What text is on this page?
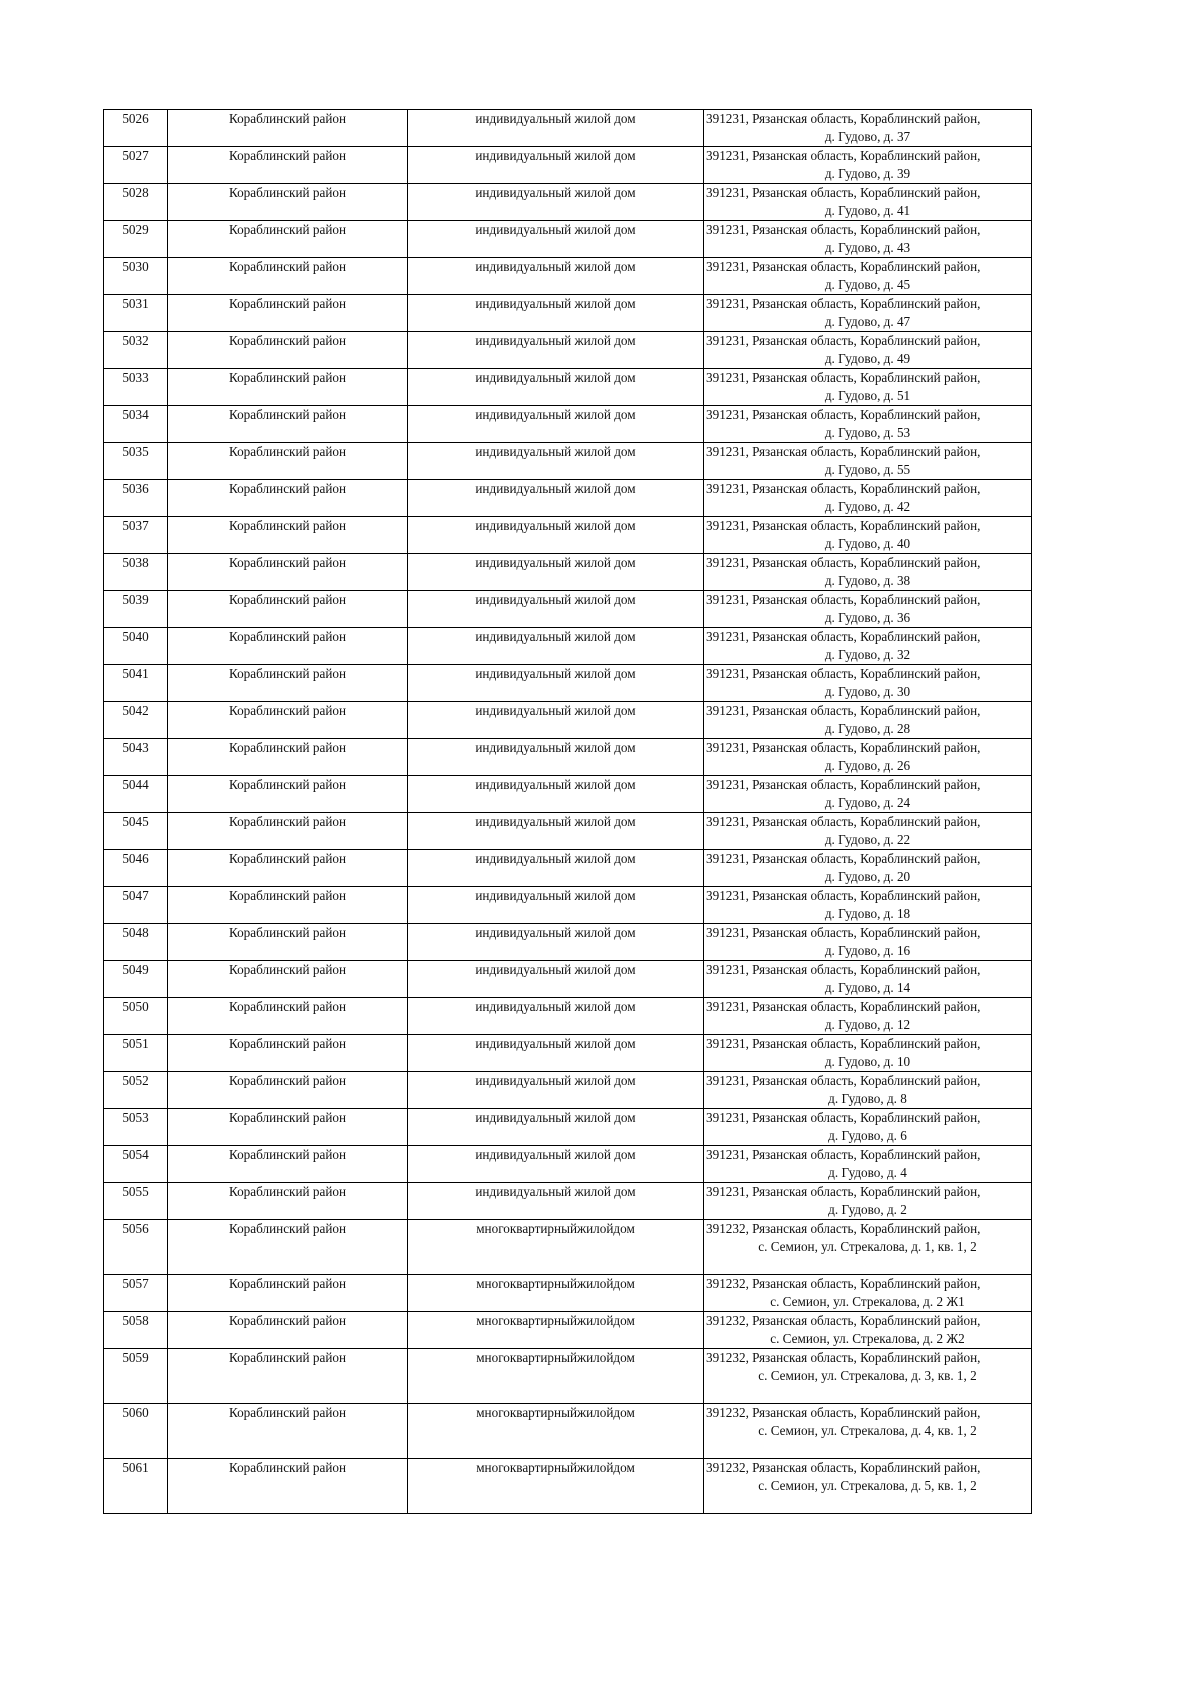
5026	Кораблинский район	индивидуальный жилой дом	391231, Рязанская область, Кораблинский район,
д. Гудово, д. 37

5027	Кораблинский район	индивидуальный жилой дом	391231, Рязанская область, Кораблинский район,
д. Гудово, д. 39

5028	Кораблинский район	индивидуальный жилой дом	391231, Рязанская область, Кораблинский район,
д. Гудово, д. 41

5029	Кораблинский район	индивидуальный жилой дом	391231, Рязанская область, Кораблинский район,
д. Гудово, д. 43

5030	Кораблинский район	индивидуальный жилой дом	391231, Рязанская область, Кораблинский район,
д. Гудово, д. 45

5031	Кораблинский район	индивидуальный жилой дом	391231, Рязанская область, Кораблинский район,
д. Гудово, д. 47

5032	Кораблинский район	индивидуальный жилой дом	391231, Рязанская область, Кораблинский район,
д. Гудово, д. 49

5033	Кораблинский район	индивидуальный жилой дом	391231, Рязанская область, Кораблинский район,
д. Гудово, д. 51

5034	Кораблинский район	индивидуальный жилой дом	391231, Рязанская область, Кораблинский район,
д. Гудово, д. 53

5035	Кораблинский район	индивидуальный жилой дом	391231, Рязанская область, Кораблинский район,
д. Гудово, д. 55

5036	Кораблинский район	индивидуальный жилой дом	391231, Рязанская область, Кораблинский район,
д. Гудово, д. 42

5037	Кораблинский район	индивидуальный жилой дом	391231, Рязанская область, Кораблинский район,
д. Гудово, д. 40

5038	Кораблинский район	индивидуальный жилой дом	391231, Рязанская область, Кораблинский район,
д. Гудово, д. 38

5039	Кораблинский район	индивидуальный жилой дом	391231, Рязанская область, Кораблинский район,
д. Гудово, д. 36

5040	Кораблинский район	индивидуальный жилой дом	391231, Рязанская область, Кораблинский район,
д. Гудово, д. 32

5041	Кораблинский район	индивидуальный жилой дом	391231, Рязанская область, Кораблинский район,
д. Гудово, д. 30

5042	Кораблинский район	индивидуальный жилой дом	391231, Рязанская область, Кораблинский район,
д. Гудово, д. 28

5043	Кораблинский район	индивидуальный жилой дом	391231, Рязанская область, Кораблинский район,
д. Гудово, д. 26

5044	Кораблинский район	индивидуальный жилой дом	391231, Рязанская область, Кораблинский район,
д. Гудово, д. 24

5045	Кораблинский район	индивидуальный жилой дом	391231, Рязанская область, Кораблинский район,
д. Гудово, д. 22

5046	Кораблинский район	индивидуальный жилой дом	391231, Рязанская область, Кораблинский район,
д. Гудово, д. 20

5047	Кораблинский район	индивидуальный жилой дом	391231, Рязанская область, Кораблинский район,
д. Гудово, д. 18

5048	Кораблинский район	индивидуальный жилой дом	391231, Рязанская область, Кораблинский район,
д. Гудово, д. 16

5049	Кораблинский район	индивидуальный жилой дом	391231, Рязанская область, Кораблинский район,
д. Гудово, д. 14

5050	Кораблинский район	индивидуальный жилой дом	391231, Рязанская область, Кораблинский район,
д. Гудово, д. 12

5051	Кораблинский район	индивидуальный жилой дом	391231, Рязанская область, Кораблинский район,
д. Гудово, д. 10

5052	Кораблинский район	индивидуальный жилой дом	391231, Рязанская область, Кораблинский район,
д. Гудово, д. 8

5053	Кораблинский район	индивидуальный жилой дом	391231, Рязанская область, Кораблинский район,
д. Гудово, д. 6

5054	Кораблинский район	индивидуальный жилой дом	391231, Рязанская область, Кораблинский район,
д. Гудово, д. 4

5055	Кораблинский район	индивидуальный жилой дом	391231, Рязанская область, Кораблинский район,
д. Гудово, д. 2

5056	Кораблинский район	многоквартирныйжилойдом	391232, Рязанская область, Кораблинский район,
с. Семион, ул. Стрекалова, д. 1, кв. 1, 2

5057	Кораблинский район	многоквартирныйжилойдом	391232, Рязанская область, Кораблинский район,
с. Семион, ул. Стрекалова, д. 2 Ж1

5058	Кораблинский район	многоквартирныйжилойдом	391232, Рязанская область, Кораблинский район,
с. Семион, ул. Стрекалова, д. 2 Ж2

5059	Кораблинский район	многоквартирныйжилойдом	391232, Рязанская область, Кораблинский район,
с. Семион, ул. Стрекалова, д. 3, кв. 1, 2

5060	Кораблинский район	многоквартирныйжилойдом	391232, Рязанская область, Кораблинский район,
с. Семион, ул. Стрекалова, д. 4, кв. 1, 2

5061	Кораблинский район	многоквартирныйжилойдом	391232, Рязанская область, Кораблинский район,
с. Семион, ул. Стрекалова, д. 5, кв. 1, 2
